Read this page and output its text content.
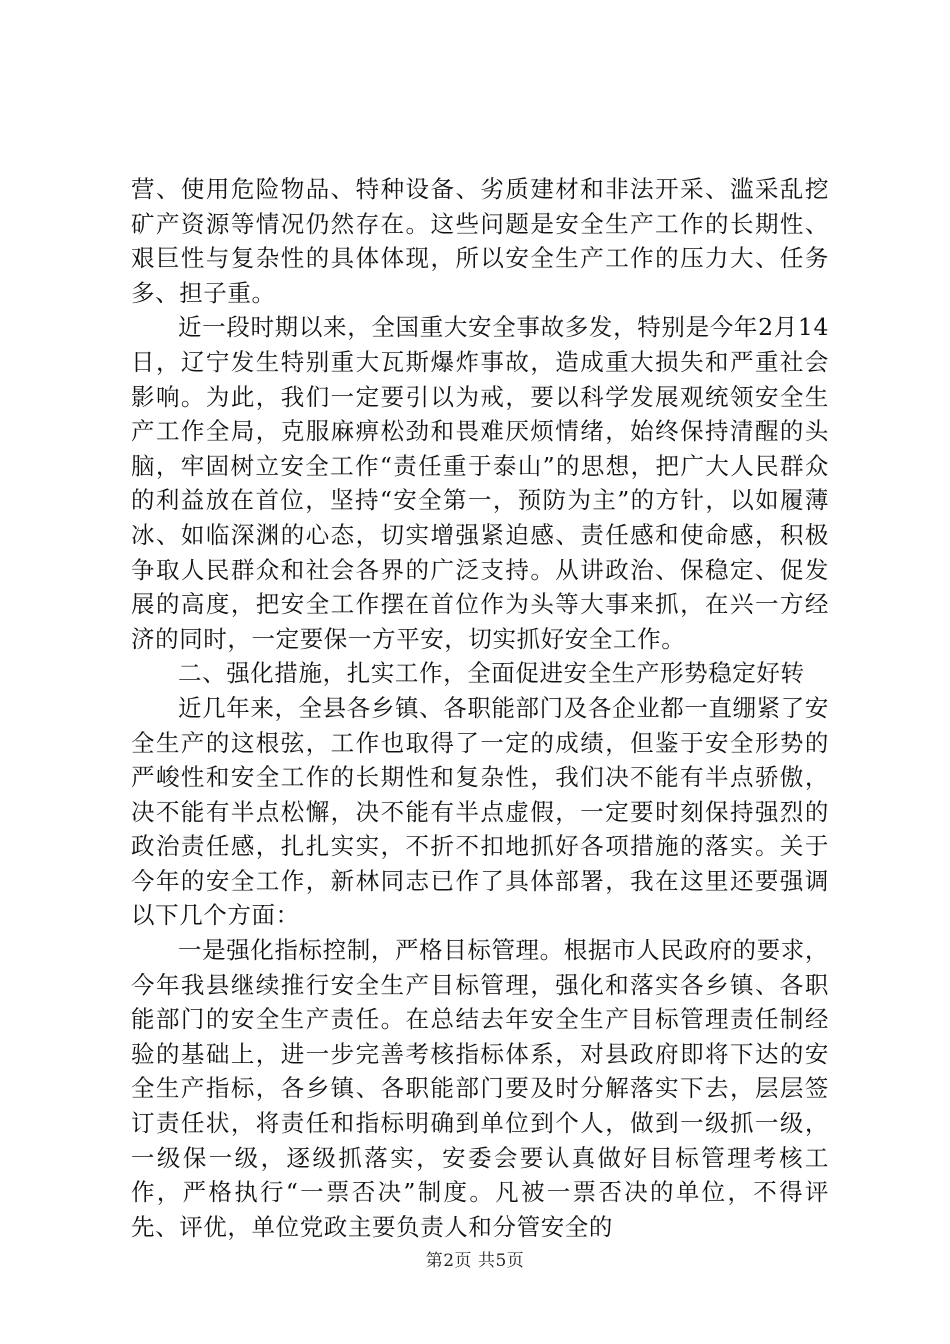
营、使用危险物品、特种设备、劣质建材和非法开采、滥采乱挖矿产资源等情况仍然存在。这些问题是安全生产工作的长期性、艰巨性与复杂性的具体体现，所以安全生产工作的压力大、任务多、担子重。

近一段时期以来，全国重大安全事故多发，特别是今年2月14日，辽宁发生特别重大瓦斯爆炸事故，造成重大损失和严重社会影响。为此，我们一定要引以为戒，要以科学发展观统领安全生产工作全局，克服麻痹松劲和畏难厌烦情绪，始终保持清醒的头脑，牢固树立安全工作“责任重于泰山”的思想，把广大人民群众的利益放在首位，坚持“安全第一，预防为主”的方针，以如履薄冰、如临深渊的心态，切实增强紧迫感、责任感和使命感，积极争取人民群众和社会各界的广泛支持。从讲政治、保稳定、促发展的高度，把安全工作摆在首位作为头等大事来抓，在兴一方经济的同时，一定要保一方平安，切实抓好安全工作。

二、强化措施，扎实工作，全面促进安全生产形势稳定好转

近几年来，全县各乡镇、各职能部门及各企业都一直绷紧了安全生产的这根弦，工作也取得了一定的成绩，但鉴于安全形势的严峻性和安全工作的长期性和复杂性，我们决不能有半点骄傲，决不能有半点松懈，决不能有半点虚假，一定要时刻保持强烈的政治责任感，扎扎实实，不折不扣地抓好各项措施的落实。关于今年的安全工作，新林同志已作了具体部署，我在这里还要强调以下几个方面：

一是强化指标控制，严格目标管理。根据市人民政府的要求，今年我县继续推行安全生产目标管理，强化和落实各乡镇、各职能部门的安全生产责任。在总结去年安全生产目标管理责任制经验的基础上，进一步完善考核指标体系，对县政府即将下达的安全生产指标，各乡镇、各职能部门要及时分解落实下去，层层签订责任状，将责任和指标明确到单位到个人，做到一级抓一级，一级保一级，逐级抓落实，安委会要认真做好目标管理考核工作，严格执行“一票否决”制度。凡被一票否决的单位，不得评先、评优，单位党政主要负责人和分管安全的

第2页 共5页
